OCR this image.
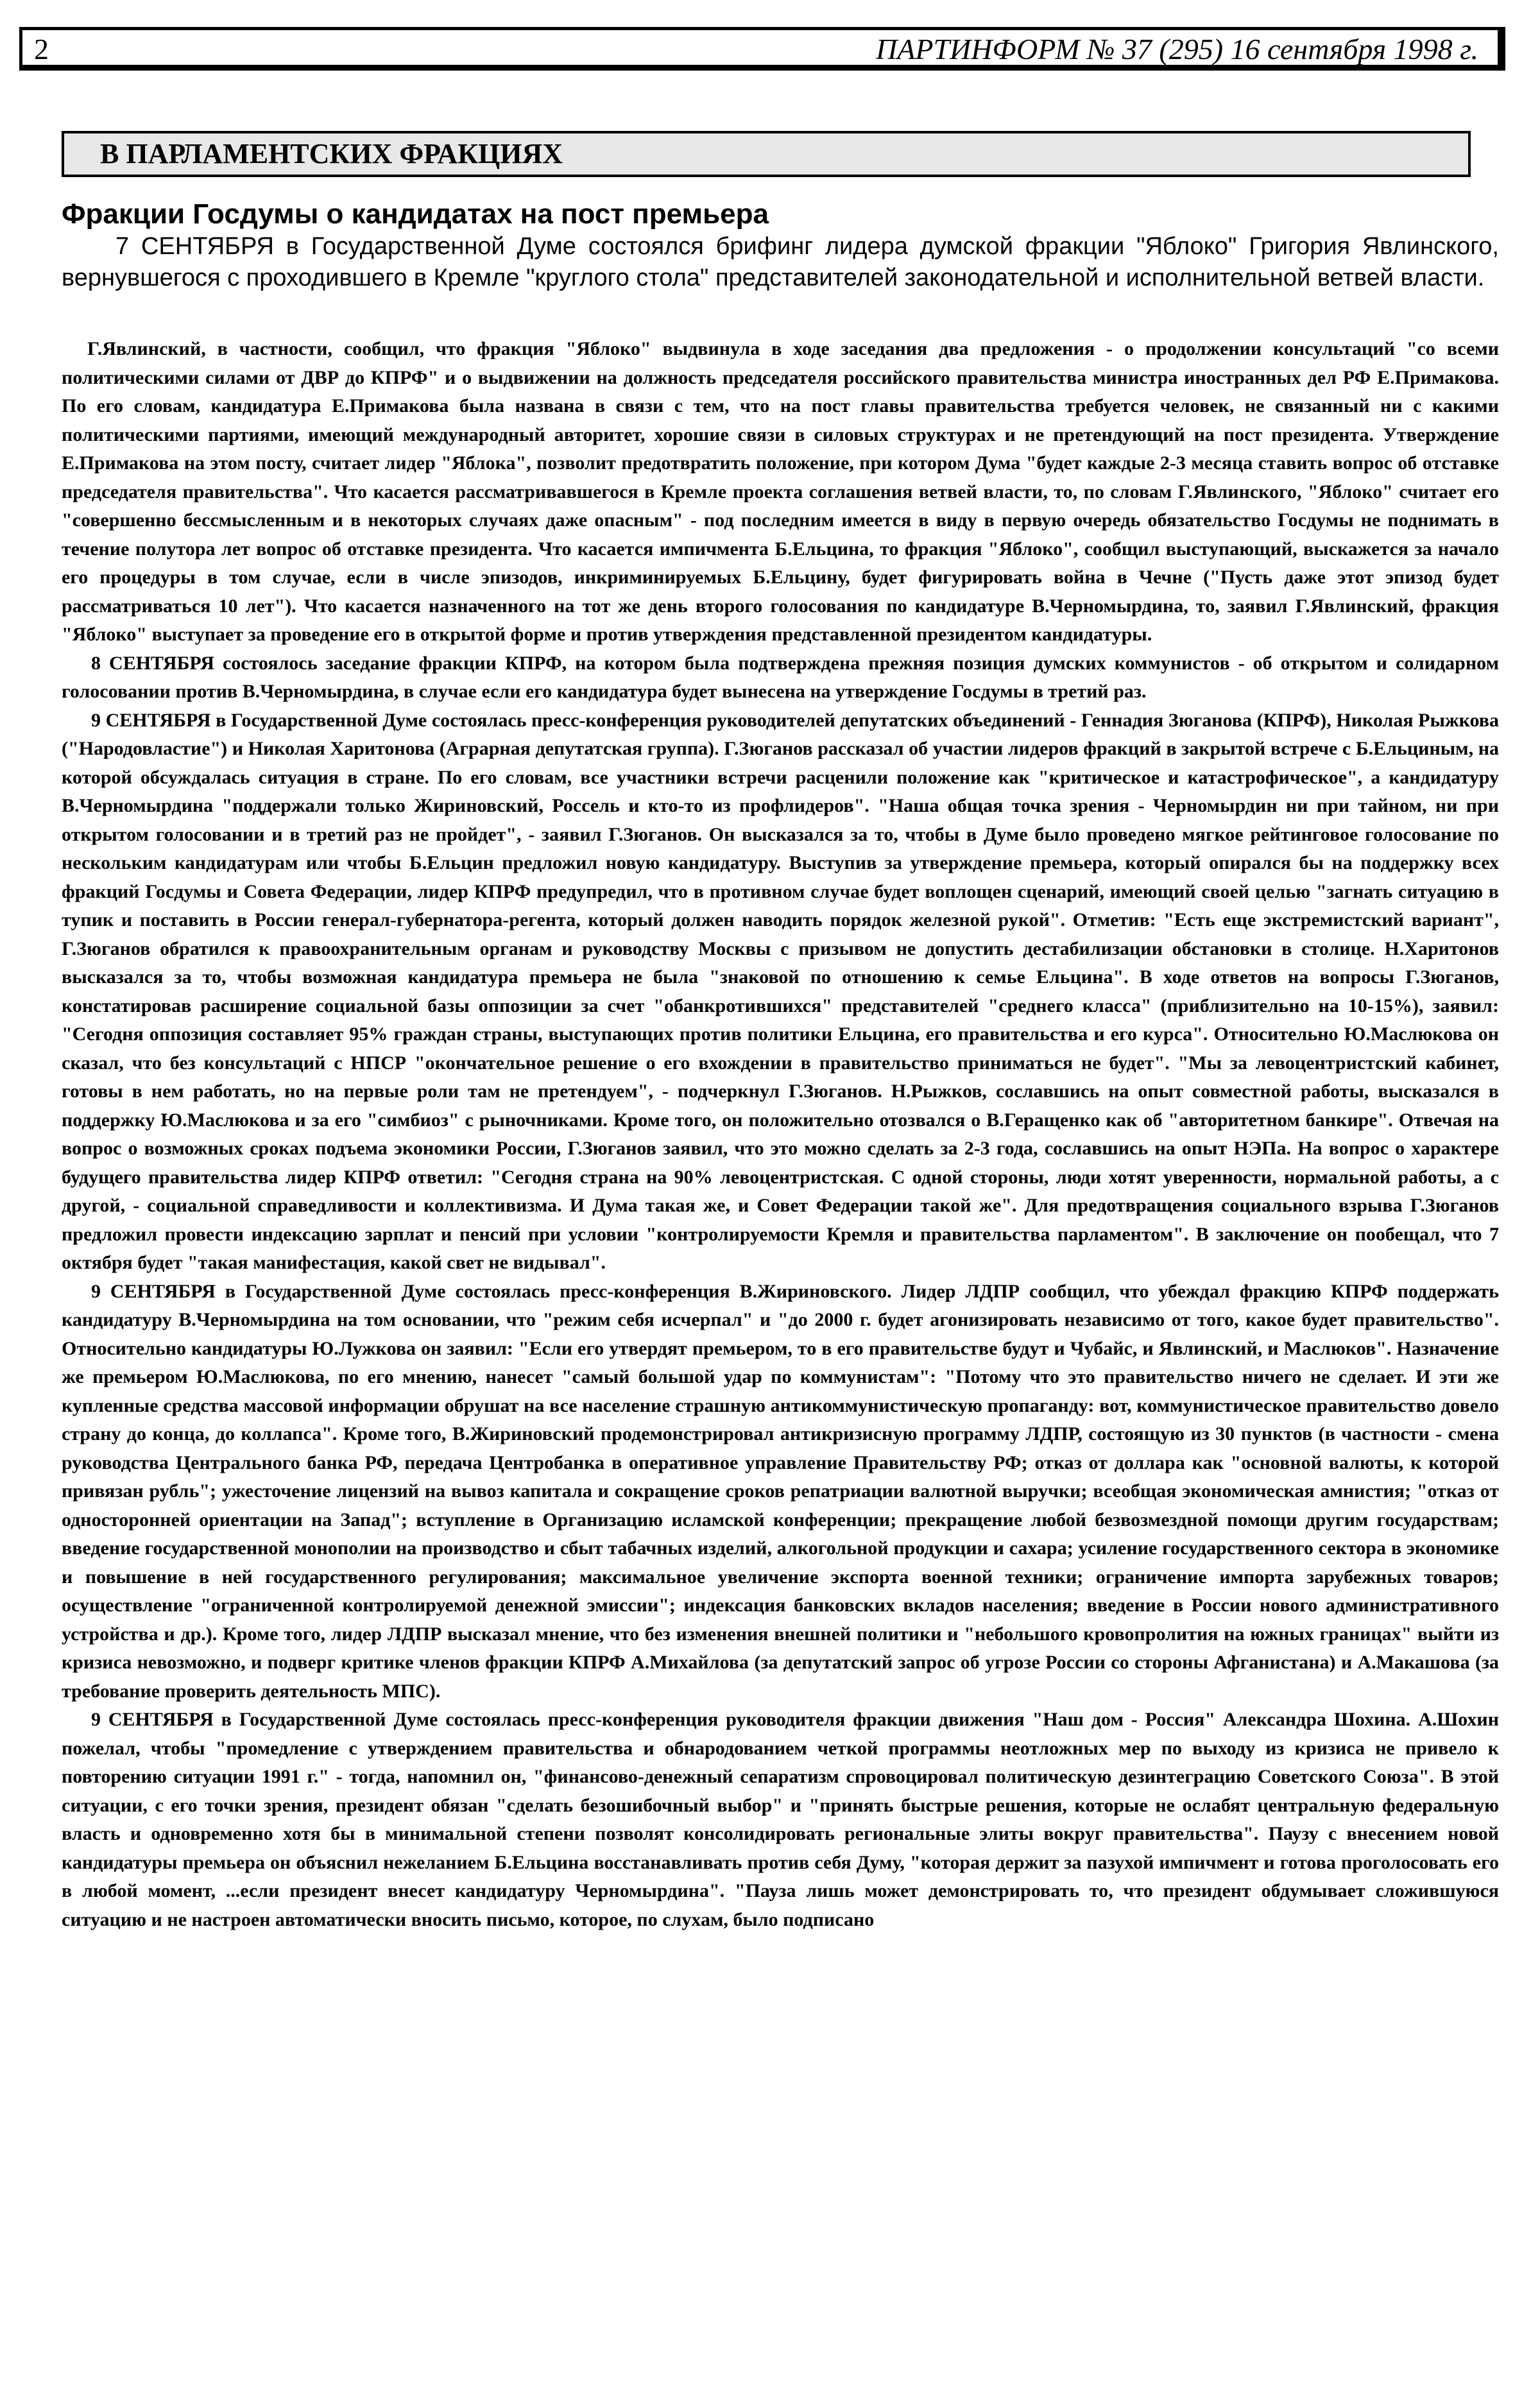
2	ПАРТИНФОРМ № 37 (295) 16 сентября 1998 г.
В ПАРЛАМЕНТСКИХ ФРАКЦИЯХ
Фракции Госдумы о кандидатах на пост премьера
7 СЕНТЯБРЯ в Государственной Думе состоялся брифинг лидера думской фракции "Яблоко" Григория Явлинского, вернувшегося с проходившего в Кремле "круглого стола" представителей законодательной и исполнительной ветвей власти.

Г.Явлинский, в частности, сообщил, что фракция "Яблоко" выдвинула в ходе заседания два предложения - о продолжении консультаций "со всеми политическими силами от ДВР до КПРФ" и о выдвижении на должность председателя российского правительства министра иностранных дел РФ Е.Примакова. По его словам, кандидатура Е.Примакова была названа в связи с тем, что на пост главы правительства требуется человек, не связанный ни с какими политическими партиями, имеющий международный авторитет, хорошие связи в силовых структурах и не претендующий на пост президента. Утверждение Е.Примакова на этом посту, считает лидер "Яблока", позволит предотвратить положение, при котором Дума "будет каждые 2-3 месяца ставить вопрос об отставке председателя правительства". Что касается рассматривавшегося в Кремле проекта соглашения ветвей власти, то, по словам Г.Явлинского, "Яблоко" считает его "совершенно бессмысленным и в некоторых случаях даже опасным" - под последним имеется в виду в первую очередь обязательство Госдумы не поднимать в течение полутора лет вопрос об отставке президента. Что касается импичмента Б.Ельцина, то фракция "Яблоко", сообщил выступающий, выскажется за начало его процедуры в том случае, если в числе эпизодов, инкриминируемых Б.Ельцину, будет фигурировать война в Чечне ("Пусть даже этот эпизод будет рассматриваться 10 лет"). Что касается назначенного на тот же день второго голосования по кандидатуре В.Черномырдина, то, заявил Г.Явлинский, фракция "Яблоко" выступает за проведение его в открытой форме и против утверждения представленной президентом кандидатуры.

8 СЕНТЯБРЯ состоялось заседание фракции КПРФ, на котором была подтверждена прежняя позиция думских коммунистов - об открытом и солидарном голосовании против В.Черномырдина, в случае если его кандидатура будет вынесена на утверждение Госдумы в третий раз.

9 СЕНТЯБРЯ в Государственной Думе состоялась пресс-конференция руководителей депутатских объединений - Геннадия Зюганова (КПРФ), Николая Рыжкова ("Народовластие") и Николая Харитонова (Аграрная депутатская группа). Г.Зюганов рассказал об участии лидеров фракций в закрытой встрече с Б.Ельциным, на которой обсуждалась ситуация в стране. По его словам, все участники встречи расценили положение как "критическое и катастрофическое", а кандидатуру В.Черномырдина "поддержали только Жириновский, Россель и кто-то из профлидеров". "Наша общая точка зрения - Черномырдин ни при тайном, ни при открытом голосовании и в третий раз не пройдет", - заявил Г.Зюганов. Он высказался за то, чтобы в Думе было проведено мягкое рейтинговое голосование по нескольким кандидатурам или чтобы Б.Ельцин предложил новую кандидатуру. Выступив за утверждение премьера, который опирался бы на поддержку всех фракций Госдумы и Совета Федерации, лидер КПРФ предупредил, что в противном случае будет воплощен сценарий, имеющий своей целью "загнать ситуацию в тупик и поставить в России генерал-губернатора-регента, который должен наводить порядок железной рукой". Отметив: "Есть еще экстремистский вариант", Г.Зюганов обратился к правоохранительным органам и руководству Москвы с призывом не допустить дестабилизации обстановки в столице. Н.Харитонов высказался за то, чтобы возможная кандидатура премьера не была "знаковой по отношению к семье Ельцина". В ходе ответов на вопросы Г.Зюганов, констатировав расширение социальной базы оппозиции за счет "обанкротившихся" представителей "среднего класса" (приблизительно на 10-15%), заявил: "Сегодня оппозиция составляет 95% граждан страны, выступающих против политики Ельцина, его правительства и его курса". Относительно Ю.Маслюкова он сказал, что без консультаций с НПСР "окончательное решение о его вхождении в правительство приниматься не будет". "Мы за левоцентристский кабинет, готовы в нем работать, но на первые роли там не претендуем", - подчеркнул Г.Зюганов. Н.Рыжков, сославшись на опыт совместной работы, высказался в поддержку Ю.Маслюкова и за его "симбиоз" с рыночниками. Кроме того, он положительно отозвался о В.Геращенко как об "авторитетном банкире". Отвечая на вопрос о возможных сроках подъема экономики России, Г.Зюганов заявил, что это можно сделать за 2-3 года, сославшись на опыт НЭПа. На вопрос о характере будущего правительства лидер КПРФ ответил: "Сегодня страна на 90% левоцентристская. С одной стороны, люди хотят уверенности, нормальной работы, а с другой, - социальной справедливости и коллективизма. И Дума такая же, и Совет Федерации такой же". Для предотвращения социального взрыва Г.Зюганов предложил провести индексацию зарплат и пенсий при условии "контролируемости Кремля и правительства парламентом". В заключение он пообещал, что 7 октября будет "такая манифестация, какой свет не видывал".

9 СЕНТЯБРЯ в Государственной Думе состоялась пресс-конференция В.Жириновского. Лидер ЛДПР сообщил, что убеждал фракцию КПРФ поддержать кандидатуру В.Черномырдина на том основании, что "режим себя исчерпал" и "до 2000 г. будет агонизировать независимо от того, какое будет правительство". Относительно кандидатуры Ю.Лужкова он заявил: "Если его утвердят премьером, то в его правительстве будут и Чубайс, и Явлинский, и Маслюков". Назначение же премьером Ю.Маслюкова, по его мнению, нанесет "самый большой удар по коммунистам": "Потому что это правительство ничего не сделает. И эти же купленные средства массовой информации обрушат на все население страшную антикоммунистическую пропаганду: вот, коммунистическое правительство довело страну до конца, до коллапса". Кроме того, В.Жириновский продемонстрировал антикризисную программу ЛДПР, состоящую из 30 пунктов (в частности - смена руководства Центрального банка РФ, передача Центробанка в оперативное управление Правительству РФ; отказ от доллара как "основной валюты, к которой привязан рубль"; ужесточение лицензий на вывоз капитала и сокращение сроков репатриации валютной выручки; всеобщая экономическая амнистия; "отказ от односторонней ориентации на Запад"; вступление в Организацию исламской конференции; прекращение любой безвозмездной помощи другим государствам; введение государственной монополии на производство и сбыт табачных изделий, алкогольной продукции и сахара; усиление государственного сектора в экономике и повышение в ней государственного регулирования; максимальное увеличение экспорта военной техники; ограничение импорта зарубежных товаров; осуществление "ограниченной контролируемой денежной эмиссии"; индексация банковских вкладов населения; введение в России нового административного устройства и др.). Кроме того, лидер ЛДПР высказал мнение, что без изменения внешней политики и "небольшого кровопролития на южных границах" выйти из кризиса невозможно, и подверг критике членов фракции КПРФ А.Михайлова (за депутатский запрос об угрозе России со стороны Афганистана) и А.Макашова (за требование проверить деятельность МПС).

9 СЕНТЯБРЯ в Государственной Думе состоялась пресс-конференция руководителя фракции движения "Наш дом - Россия" Александра Шохина. А.Шохин пожелал, чтобы "промедление с утверждением правительства и обнародованием четкой программы неотложных мер по выходу из кризиса не привело к повторению ситуации 1991 г." - тогда, напомнил он, "финансово-денежный сепаратизм спровоцировал политическую дезинтеграцию Советского Союза". В этой ситуации, с его точки зрения, президент обязан "сделать безошибочный выбор" и "принять быстрые решения, которые не ослабят центральную федеральную власть и одновременно хотя бы в минимальной степени позволят консолидировать региональные элиты вокруг правительства". Паузу с внесением новой кандидатуры премьера он объяснил нежеланием Б.Ельцина восстанавливать против себя Думу, "которая держит за пазухой импичмент и готова проголосовать его в любой момент, ...если президент внесет кандидатуру Черномырдина". "Пауза лишь может демонстрировать то, что президент обдумывает сложившуюся ситуацию и не настроен автоматически вносить письмо, которое, по слухам, было подписано
